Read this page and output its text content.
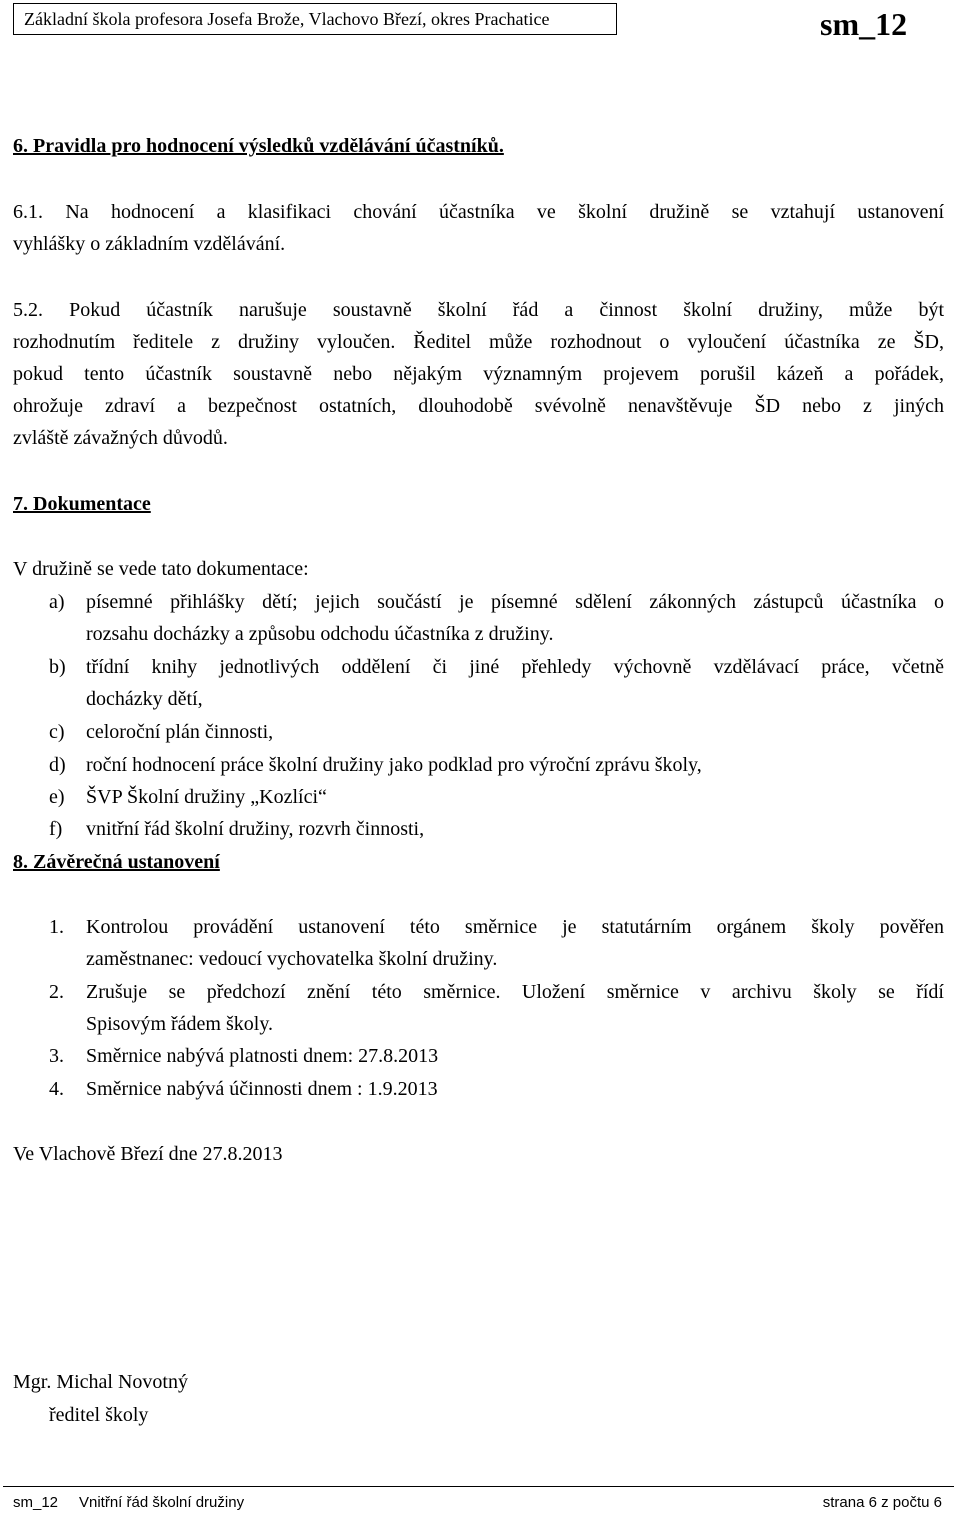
Základní škola profesora Josefa Brože, Vlachovo Březí, okres Prachatice	sm_12
6. Pravidla pro hodnocení výsledků vzdělávání účastníků.
6.1. Na hodnocení a klasifikaci chování účastníka ve školní družině se vztahují ustanovení
vyhlášky o základním vzdělávání.
5.2. Pokud účastník narušuje soustavně školní řád a činnost školní družiny, může být
rozhodnutím ředitele z družiny vyloučen. Ředitel může rozhodnout o vyloučení účastníka ze ŠD,
pokud tento účastník soustavně nebo nějakým významným projevem porušil kázeň a pořádek,
ohrožuje zdraví a bezpečnost ostatních, dlouhodobě svévolně nenavštěvuje ŠD nebo z jiných
zvláště závažných důvodů.
7. Dokumentace
V družině se vede tato dokumentace:
a) písemné přihlášky dětí; jejich součástí je písemné sdělení zákonných zástupců účastníka o
rozsahu docházky a způsobu odchodu účastníka z družiny.
b) třídní knihy jednotlivých oddělení či jiné přehledy výchovně vzdělávací práce, včetně
docházky dětí,
c) celoroční plán činnosti,
d) roční hodnocení práce školní družiny jako podklad pro výroční zprávu školy,
e) ŠVP Školní družiny „Kozlíci“
f) vnitřní řád školní družiny, rozvrh činnosti,
8. Závěrečná ustanovení
1. Kontrolou provádění ustanovení této směrnice je statutárním orgánem školy pověřen
zaměstnanec: vedoucí vychovatelka školní družiny.
2. Zrušuje se předchozí znění této směrnice. Uložení směrnice v archivu školy se řídí
Spisovým řádem školy.
3. Směrnice nabývá platnosti dnem: 27.8.2013
4. Směrnice nabývá účinnosti dnem : 1.9.2013
Ve Vlachově Březí dne 27.8.2013
Mgr. Michal Novotný
ředitel školy
sm_12 Vnitřní řád školní družiny	strana 6 z počtu 6
